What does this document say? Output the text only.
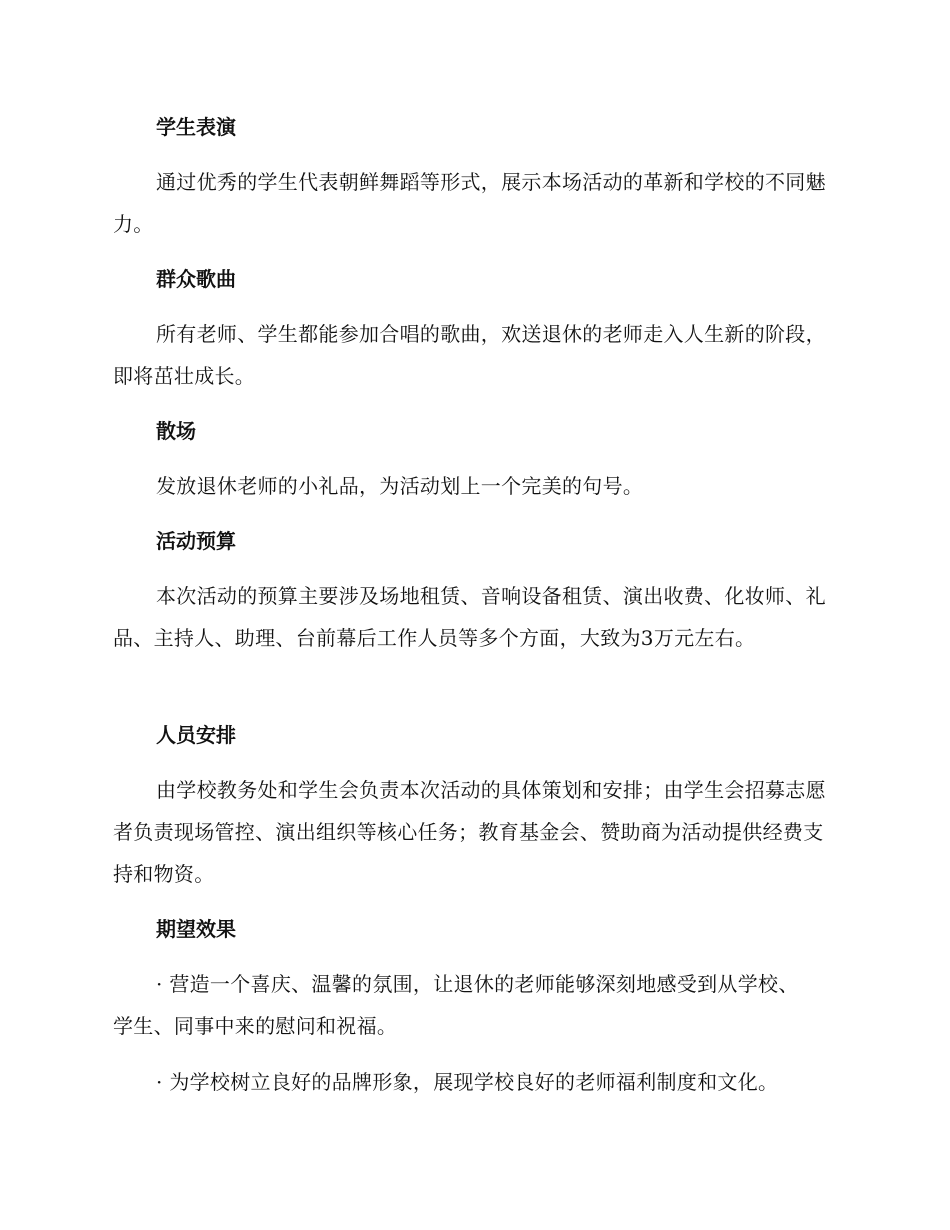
学生表演

通过优秀的学生代表朝鲜舞蹈等形式，展示本场活动的革新和学校的不同魅力。

群众歌曲

所有老师、学生都能参加合唱的歌曲，欢送退休的老师走入人生新的阶段，即将茁壮成长。

散场

发放退休老师的小礼品，为活动划上一个完美的句号。

活动预算

本次活动的预算主要涉及场地租赁、音响设备租赁、演出收费、化妆师、礼品、主持人、助理、台前幕后工作人员等多个方面，大致为3万元左右。

人员安排

由学校教务处和学生会负责本次活动的具体策划和安排；由学生会招募志愿者负责现场管控、演出组织等核心任务；教育基金会、赞助商为活动提供经费支持和物资。

期望效果

· 营造一个喜庆、温馨的氛围，让退休的老师能够深刻地感受到从学校、学生、同事中来的慰问和祝福。

· 为学校树立良好的品牌形象，展现学校良好的老师福利制度和文化。
